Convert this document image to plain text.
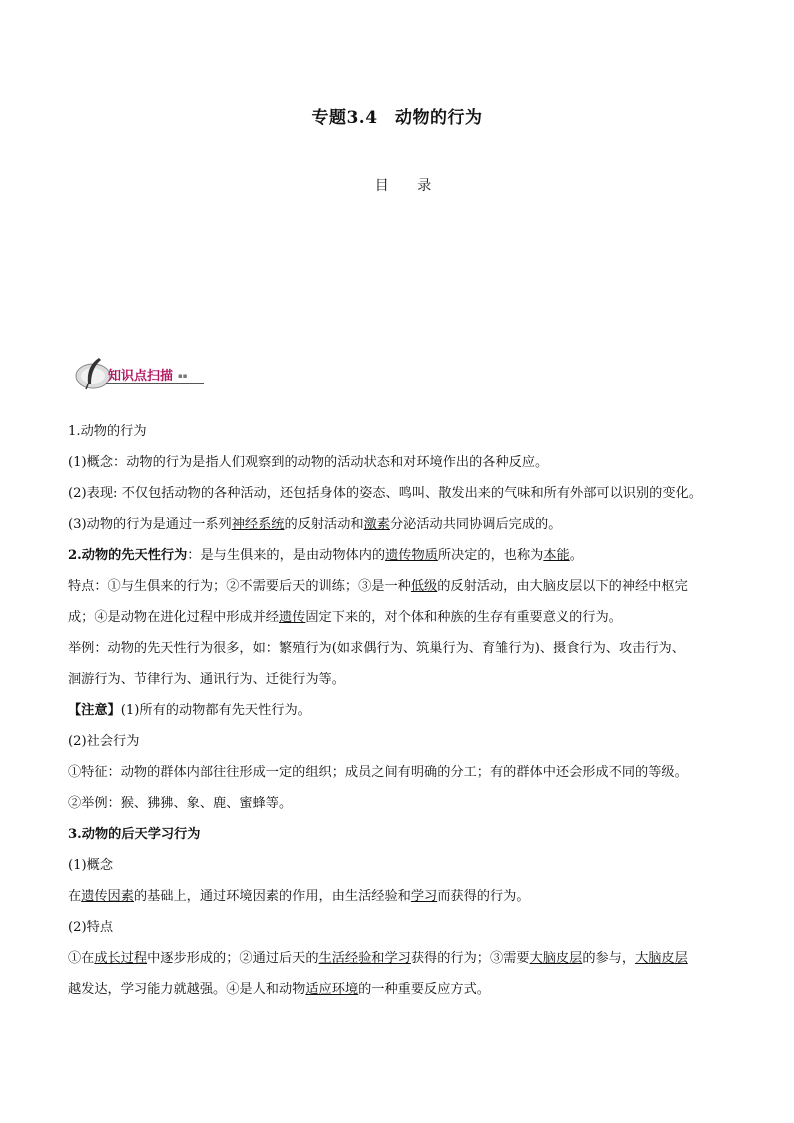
专题3.4　动物的行为
目 录
知识点扫描 ▪▪

1.动物的行为

(1)概念：动物的行为是指人们观察到的动物的活动状态和对环境作出的各种反应。

(2)表现: 不仅包括动物的各种活动，还包括身体的姿态、鸣叫、散发出来的气味和所有外部可以识别的变化。

(3)动物的行为是通过一系列神经系统的反射活动和激素分泌活动共同协调后完成的。

2.动物的先天性行为：是与生俱来的，是由动物体内的遗传物质所决定的，也称为本能。

特点：①与生俱来的行为；②不需要后天的训练；③是一种低级的反射活动，由大脑皮层以下的神经中枢完

成；④是动物在进化过程中形成并经遗传固定下来的，对个体和种族的生存有重要意义的行为。

举例：动物的先天性行为很多，如：繁殖行为(如求偶行为、筑巢行为、育雏行为)、摄食行为、攻击行为、

洄游行为、节律行为、通讯行为、迁徙行为等。

【注意】(1)所有的动物都有先天性行为。

(2)社会行为

①特征：动物的群体内部往往形成一定的组织；成员之间有明确的分工；有的群体中还会形成不同的等级。

②举例：猴、狒狒、象、鹿、蜜蜂等。

3.动物的后天学习行为

(1)概念

在遗传因素的基础上，通过环境因素的作用，由生活经验和学习而获得的行为。

(2)特点

①在成长过程中逐步形成的；②通过后天的生活经验和学习获得的行为；③需要大脑皮层的参与，大脑皮层
越发达，学习能力就越强。④是人和动物适应环境的一种重要反应方式。
